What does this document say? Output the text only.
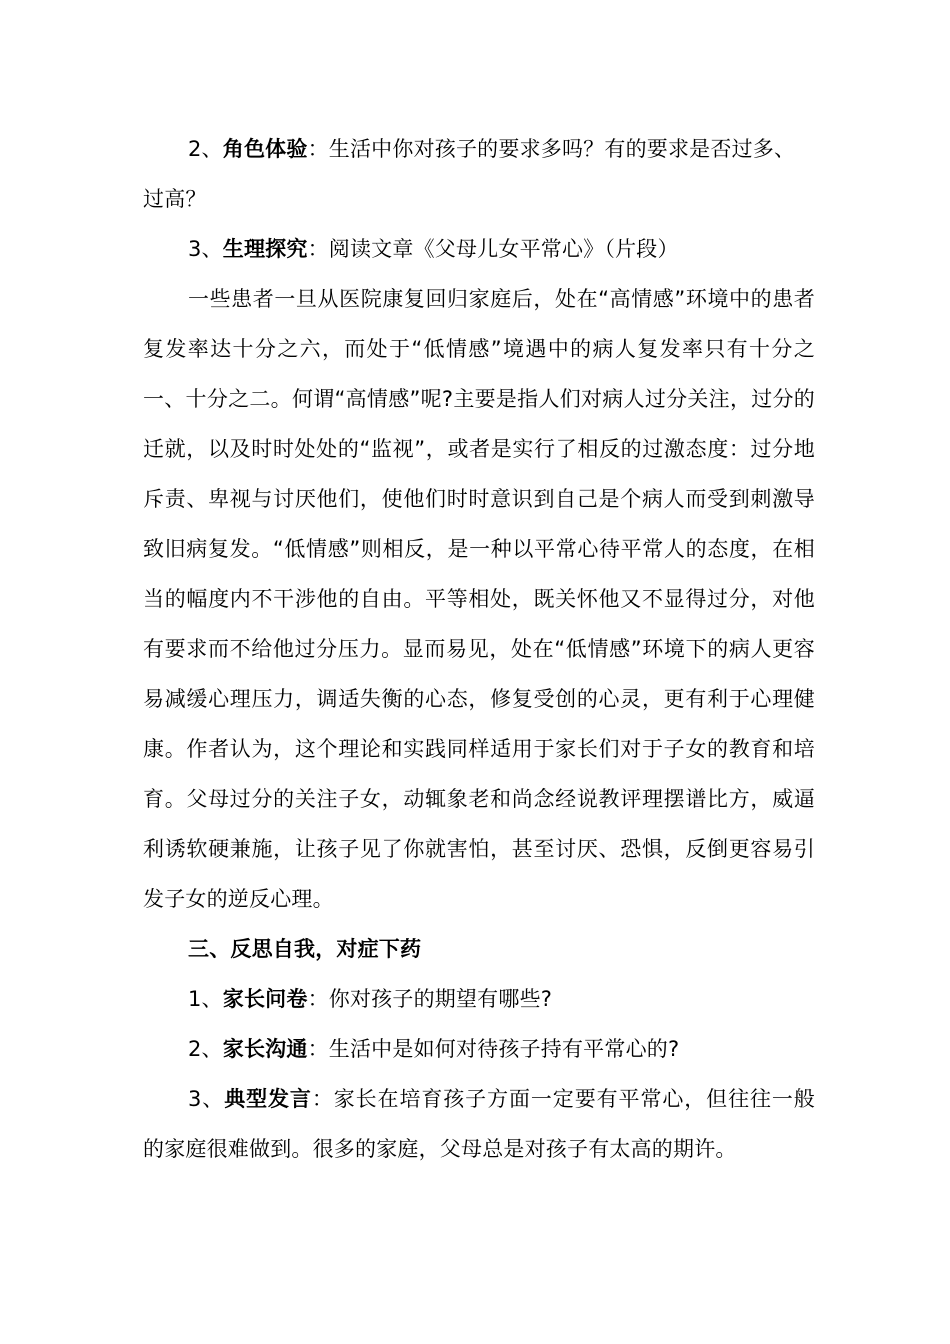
2、角色体验：生活中你对孩子的要求多吗？有的要求是否过多、过高？

3、生理探究：阅读文章《父母儿女平常心》（片段）

一些患者一旦从医院康复回归家庭后，处在“高情感”环境中的患者复发率达十分之六，而处于“低情感”境遇中的病人复发率只有十分之一、十分之二。何谓“高情感”呢?主要是指人们对病人过分关注，过分的迁就，以及时时处处的“监视”，或者是实行了相反的过激态度：过分地斥责、卑视与讨厌他们，使他们时时意识到自己是个病人而受到刺激导致旧病复发。“低情感”则相反，是一种以平常心待平常人的态度，在相当的幅度内不干涉他的自由。平等相处，既关怀他又不显得过分，对他有要求而不给他过分压力。显而易见，处在“低情感”环境下的病人更容易减缓心理压力，调适失衡的心态，修复受创的心灵，更有利于心理健康。作者认为，这个理论和实践同样适用于家长们对于子女的教育和培育。父母过分的关注子女，动辄象老和尚念经说教评理摆谱比方，威逼利诱软硬兼施，让孩子见了你就害怕，甚至讨厌、恐惧，反倒更容易引发子女的逆反心理。

三、反思自我，对症下药

1、家长问卷：你对孩子的期望有哪些?

2、家长沟通：生活中是如何对待孩子持有平常心的?

3、典型发言：家长在培育孩子方面一定要有平常心，但往往一般的家庭很难做到。很多的家庭，父母总是对孩子有太高的期许。
